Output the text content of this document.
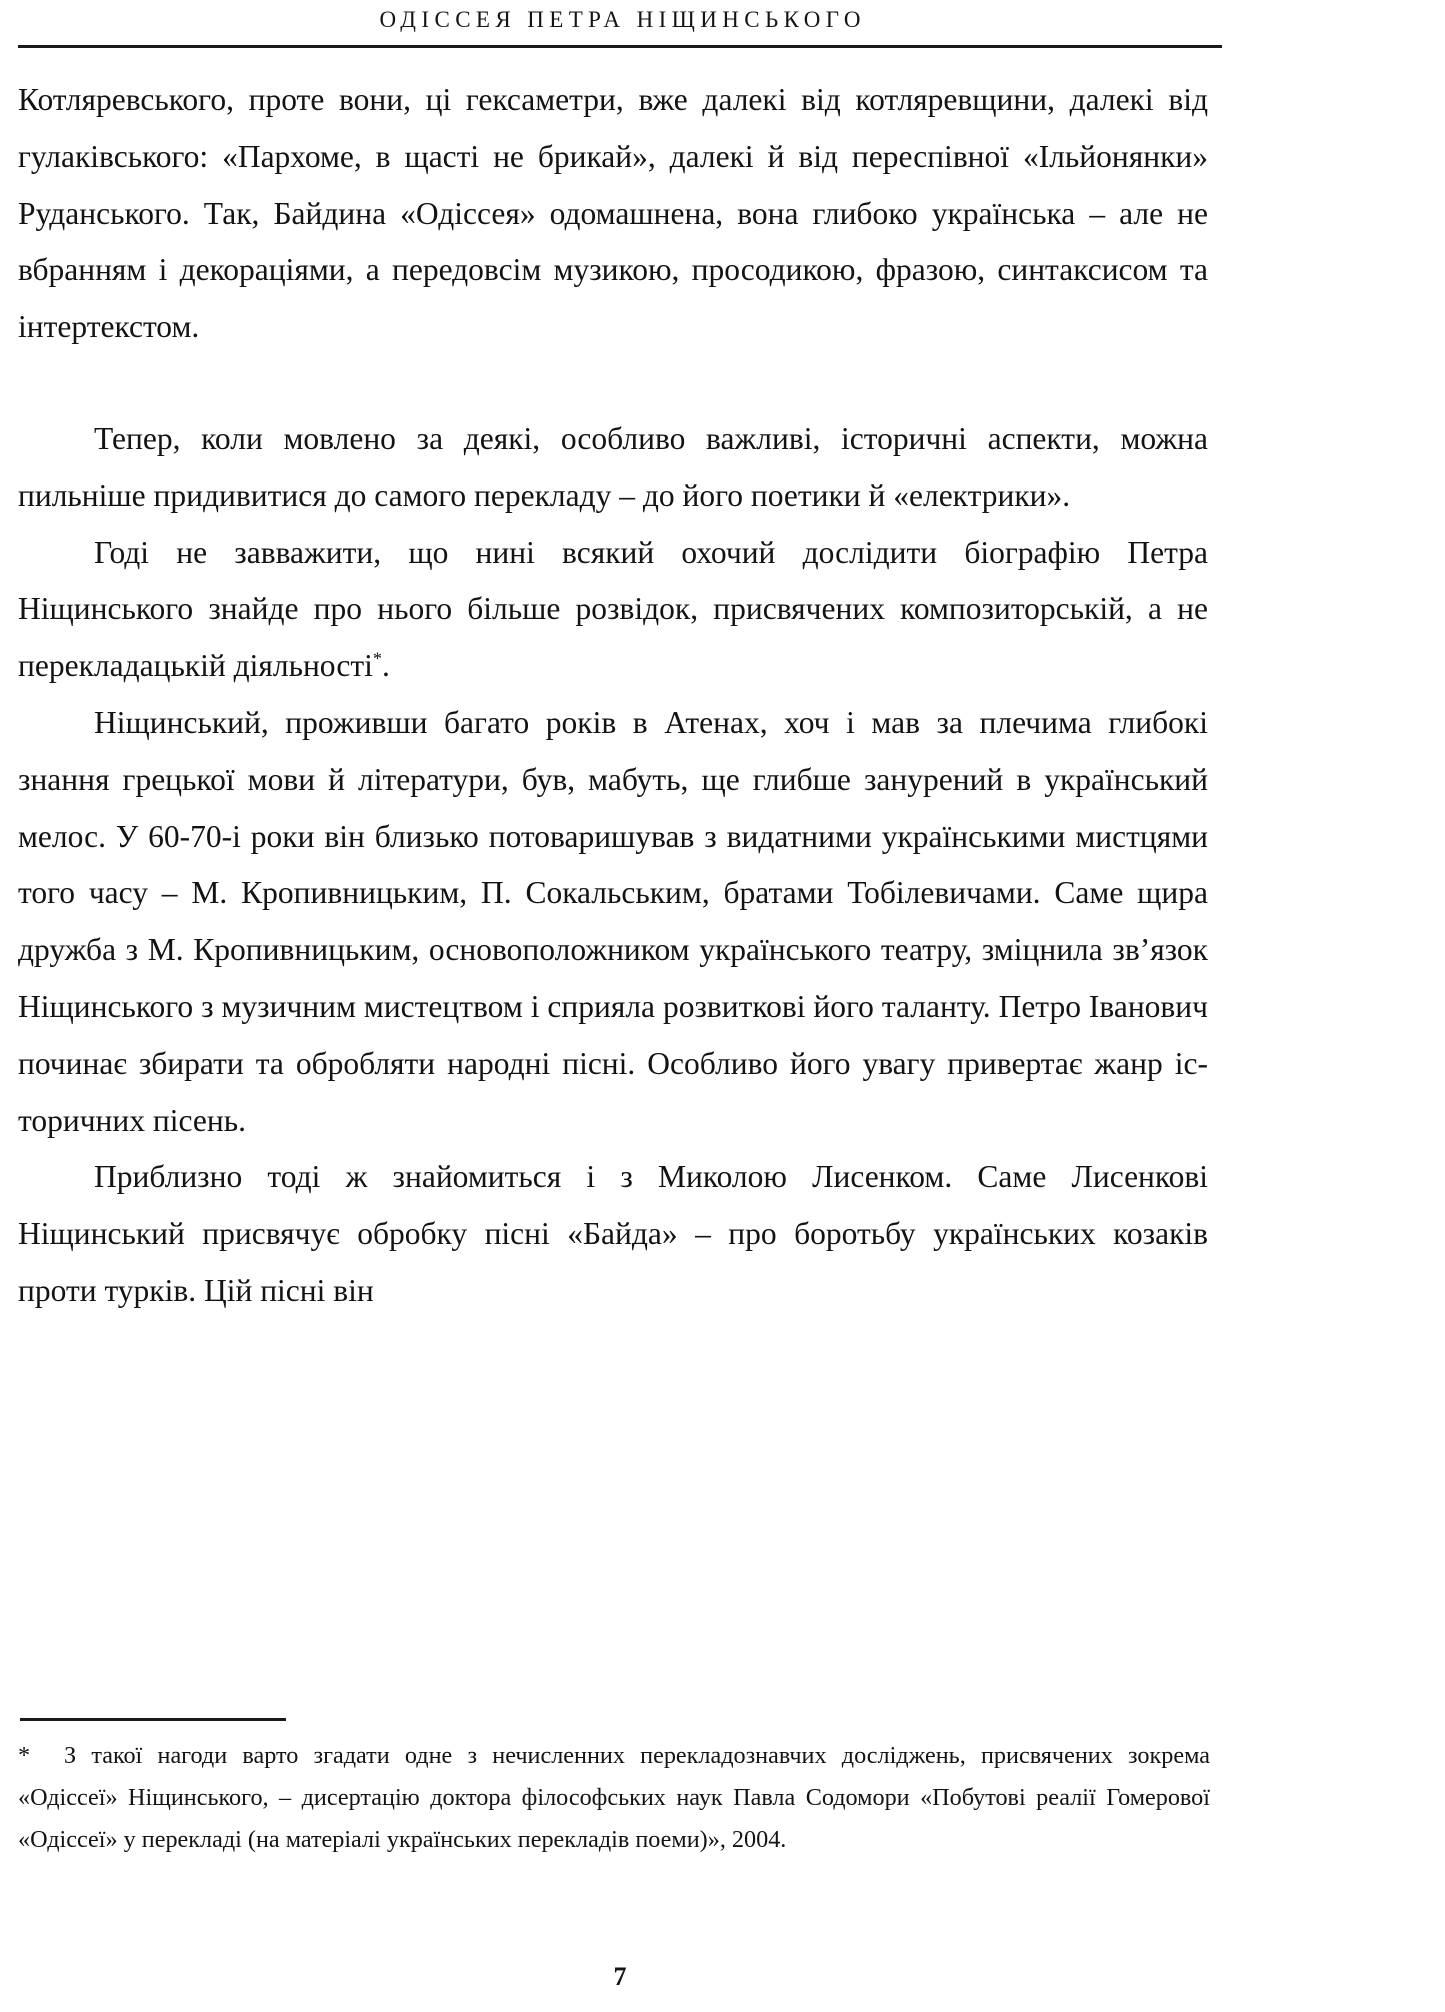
ОДІССЕЯ ПЕТРА НІЩИНСЬКОГО

Котляревського, проте вони, ці гексаметри, вже далекі від котляревщини, далекі від гулаківського: «Пархоме, в щасті не брикай», далекі й від переспівної «Ільйонянки» Руданського. Так, Байдина «Одіссея» одомашнена, вона глибоко українська – але не вбранням і декораціями, а передовсім музикою, просодикою, фразою, синтаксисом та інтертекстом.

Тепер, коли мовлено за деякі, особливо важливі, історичні аспекти, можна пильніше придивитися до самого перекладу – до його поетики й «електрики».

Годі не завважити, що нині всякий охочий дослідити біографію Петра Ніщинського знайде про нього більше розвідок, присвячених композиторській, а не перекладацькій діяльності*.

Ніщинський, проживши багато років в Атенах, хоч і мав за плечима глибокі знання грецької мови й літератури, був, мабуть, ще глибше занурений в український мелос. У 60-70-і роки він близько потоваришував з видатними українськими мистцями того часу – М. Кропивницьким, П. Сокальським, братами Тобілевичами. Саме щира дружба з М. Кропивницьким, основоположником українського театру, зміцнила зв’язок Ніщинського з музичним мистецтвом і сприяла розвиткові його таланту. Петро Іванович починає збирати та обробляти народні пісні. Особливо його увагу привертає жанр історичних пісень.

Приблизно тоді ж знайомиться і з Миколою Лисенком. Саме Лисенкові Ніщинський присвячує обробку пісні «Байда» – про боротьбу українських козаків проти турків. Цій пісні він

* З такої нагоди варто згадати одне з нечисленних перекладознавчих досліджень, присвячених зокрема «Одіссеї» Ніщинського, – дисертацію доктора філософських наук Павла Содомори «Побутові реалії Гомерової «Одіссеї» у перекладі (на матеріалі українських перекладів поеми)», 2004.

7
